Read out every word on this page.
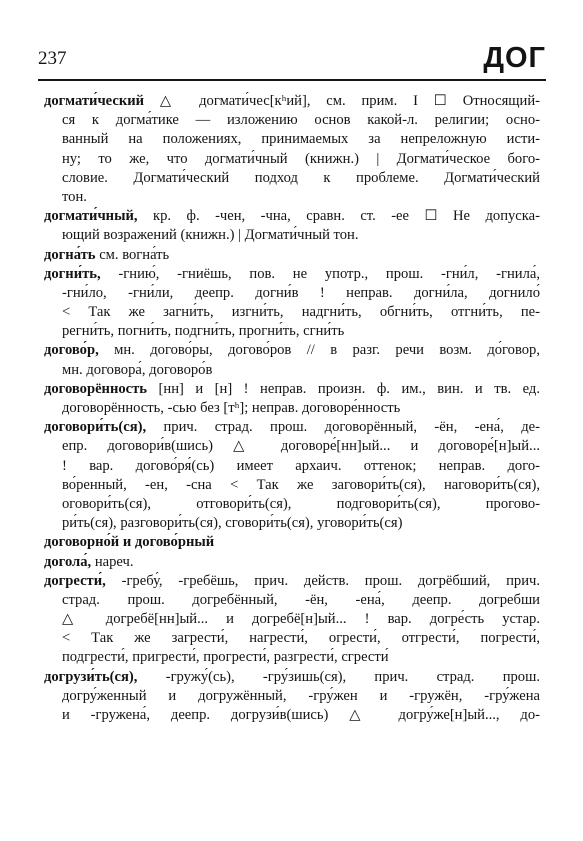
237	ДОГ
догмати́ческий △ догмати́чес[кʰий], см. прим. I ☐ Относящий-
ся к догма́тике — изложению основ какой-л. религии; осно-
ванный на положениях, принимаемых за непреложную исти-
ну; то же, что догмати́чный (книжн.) | Догмати́ческое бого-
словие. Догмати́ческий подход к проблеме. Догмати́ческий
тон.
догмати́чный, кр. ф. -чен, -чна, сравн. ст. -ее ☐ Не допуска-
ющий возражений (книжн.) | Догмати́чный тон.
догна́ть см. вогна́ть
догни́ть, -гнию́, -гниёшь, пов. не употр., прош. -гни́л, -гнила́,
-гни́ло, -гни́ли, деепр. догни́в ! неправ. догни́ла, догнило́
< Так же загни́ть, изгни́ть, надгни́ть, обгни́ть, отгни́ть, пе-
регни́ть, погни́ть, подгни́ть, прогни́ть, сгни́ть
догово́р, мн. догово́ры, догово́ров // в разг. речи возм. до́говор,
мн. договора́, договоро́в
договорённость [нн] и [н] ! неправ. произн. ф. им., вин. и тв. ед.
договорённость, -сью без [тʰ]; неправ. договоре́нность
договори́ть(ся), прич. страд. прош. договорённый, -ён, -ена́, де-
епр. договори́в(шись) △ договоре́[нн]ый... и договоре́[н]ый...
! вар. догово́ря́(сь) имеет архаич. оттенок; неправ. дого-
во́ренный, -ен, -сна < Так же заговори́ть(ся), наговори́ть(ся),
оговори́ть(ся), отговори́ть(ся), подговори́ть(ся), прогово-
ри́ть(ся), разговори́ть(ся), сговори́ть(ся), уговори́ть(ся)
договорно́й и догово́рный
догола́, нареч.
догрести́, -гребу́, -гребёшь, прич. действ. прош. догрёбший, прич.
страд. прош. догребённый, -ён, -ена́, деепр. догребши
△ догребё[нн]ый... и догребё[н]ый... ! вар. догре́сть устар.
< Так же загрести́, нагрести́, огрести́, отгрести́, погрести́,
подгрести́, пригрести́, прогрести́, разгрести́, сгрести́
догрузи́ть(ся), -гружу́(сь), -гру́зишь(ся), прич. страд. прош.
догру́женный и догружённый, -гру́жен и -гружён, -гру́жена
и -гружена́, деепр. догрузи́в(шись) △ догру́же[н]ый..., до-
